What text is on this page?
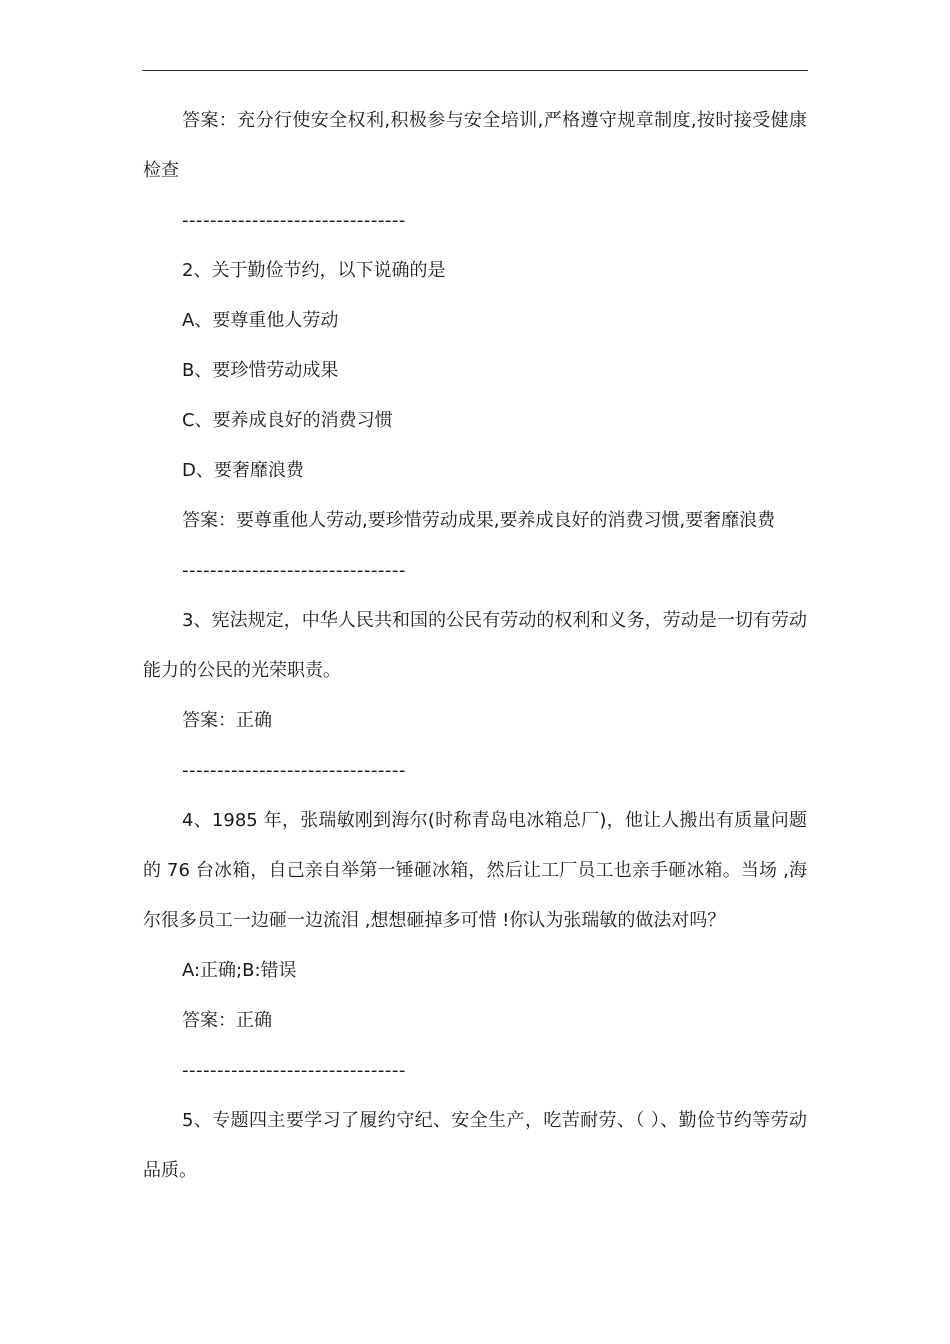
答案：充分行使安全权利,积极参与安全培训,严格遵守规章制度,按时接受健康检查

--------------------------------

2、关于勤俭节约，以下说确的是

A、要尊重他人劳动

B、要珍惜劳动成果

C、要养成良好的消费习惯

D、要奢靡浪费

答案：要尊重他人劳动,要珍惜劳动成果,要养成良好的消费习惯,要奢靡浪费

--------------------------------

3、宪法规定，中华人民共和国的公民有劳动的权利和义务，劳动是一切有劳动能力的公民的光荣职责。

答案：正确

--------------------------------

4、1985 年，张瑞敏刚到海尔(时称青岛电冰箱总厂)，他让人搬出有质量问题的 76 台冰箱，自己亲自举第一锤砸冰箱，然后让工厂员工也亲手砸冰箱。当场 ,海尔很多员工一边砸一边流泪 ,想想砸掉多可惜 !你认为张瑞敏的做法对吗？

A:正确;B:错误

答案：正确

--------------------------------

5、专题四主要学习了履约守纪、安全生产，吃苦耐劳、（ ）、勤俭节约等劳动品质。
